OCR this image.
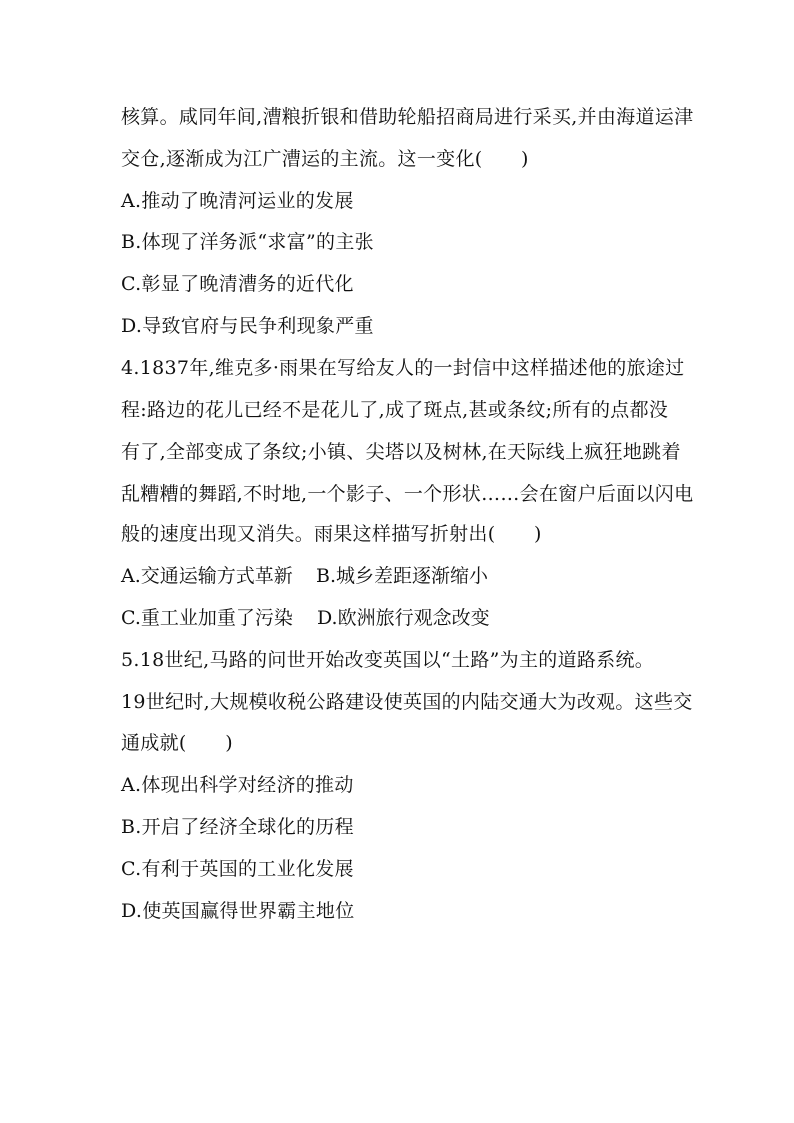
核算。咸同年间,漕粮折银和借助轮船招商局进行采买,并由海道运津
交仓,逐渐成为江广漕运的主流。这一变化(　　)
A.推动了晚清河运业的发展
B.体现了洋务派“求富”的主张
C.彰显了晚清漕务的近代化
D.导致官府与民争利现象严重
4.1837年,维克多·雨果在写给友人的一封信中这样描述他的旅途过
程:路边的花儿已经不是花儿了,成了斑点,甚或条纹;所有的点都没
有了,全部变成了条纹;小镇、尖塔以及树林,在天际线上疯狂地跳着
乱糟糟的舞蹈,不时地,一个影子、一个形状……会在窗户后面以闪电
般的速度出现又消失。雨果这样描写折射出(　　)
A.交通运输方式革新 B.城乡差距逐渐缩小
C.重工业加重了污染 D.欧洲旅行观念改变
5.18世纪,马路的问世开始改变英国以“土路”为主的道路系统。
19世纪时,大规模收税公路建设使英国的内陆交通大为改观。这些交
通成就(　　)
A.体现出科学对经济的推动
B.开启了经济全球化的历程
C.有利于英国的工业化发展
D.使英国赢得世界霸主地位
